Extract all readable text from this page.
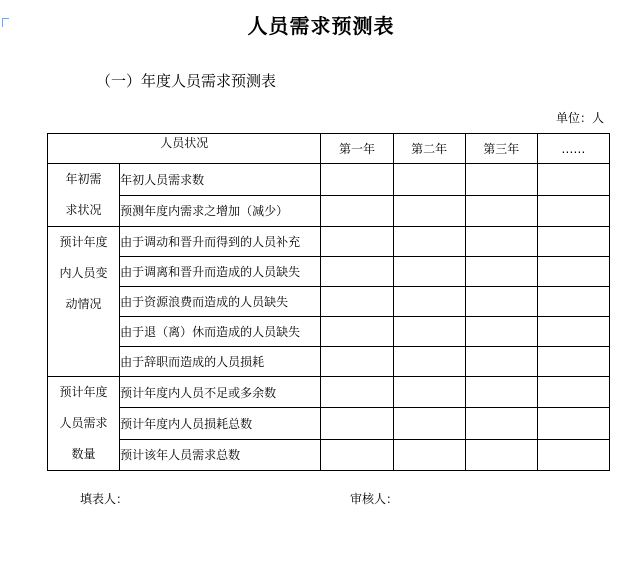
人员需求预测表
（一）年度人员需求预测表
单位：人
人员状况		第一年	第二年	第三年	……

年初需
求状况	年初人员需求数				
	预测年度内需求之增加（减少）				

预计年度
内人员变
动情况	由于调动和晋升而得到的人员补充				
	由于调离和晋升而造成的人员缺失				
	由于资源浪费而造成的人员缺失				
	由于退（离）休而造成的人员缺失				
	由于辞职而造成的人员损耗				

预计年度
人员需求
数量	预计年度内人员不足或多余数				
	预计年度内人员损耗总数				
	预计该年人员需求总数				
填表人：	审核人：
